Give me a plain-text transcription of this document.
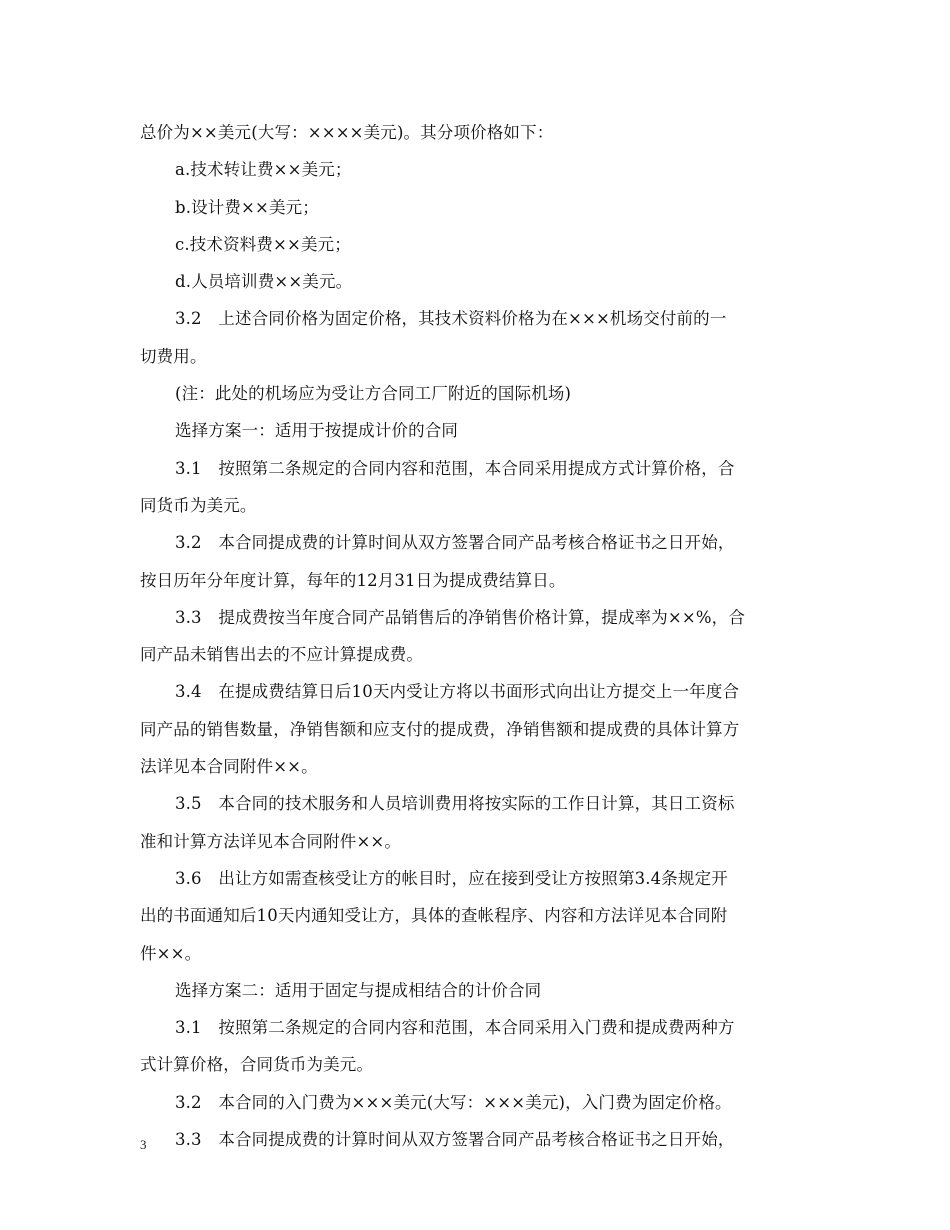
总价为××美元(大写：××××美元)。其分项价格如下：
a.技术转让费××美元；
b.设计费××美元；
c.技术资料费××美元；
d.人员培训费××美元。
3.2　上述合同价格为固定价格，其技术资料价格为在×××机场交付前的一
切费用。
(注：此处的机场应为受让方合同工厂附近的国际机场)
选择方案一：适用于按提成计价的合同
3.1　按照第二条规定的合同内容和范围，本合同采用提成方式计算价格，合
同货币为美元。
3.2　本合同提成费的计算时间从双方签署合同产品考核合格证书之日开始，
按日历年分年度计算，每年的12月31日为提成费结算日。
3.3　提成费按当年度合同产品销售后的净销售价格计算，提成率为××%，合
同产品未销售出去的不应计算提成费。
3.4　在提成费结算日后10天内受让方将以书面形式向出让方提交上一年度合
同产品的销售数量，净销售额和应支付的提成费，净销售额和提成费的具体计算方
法详见本合同附件××。
3.5　本合同的技术服务和人员培训费用将按实际的工作日计算，其日工资标
准和计算方法详见本合同附件××。
3.6　出让方如需查核受让方的帐目时，应在接到受让方按照第3.4条规定开
出的书面通知后10天内通知受让方，具体的查帐程序、内容和方法详见本合同附
件××。
选择方案二：适用于固定与提成相结合的计价合同
3.1　按照第二条规定的合同内容和范围，本合同采用入门费和提成费两种方
式计算价格，合同货币为美元。
3.2　本合同的入门费为×××美元(大写：×××美元)，入门费为固定价格。
3.3　本合同提成费的计算时间从双方签署合同产品考核合格证书之日开始，
3
